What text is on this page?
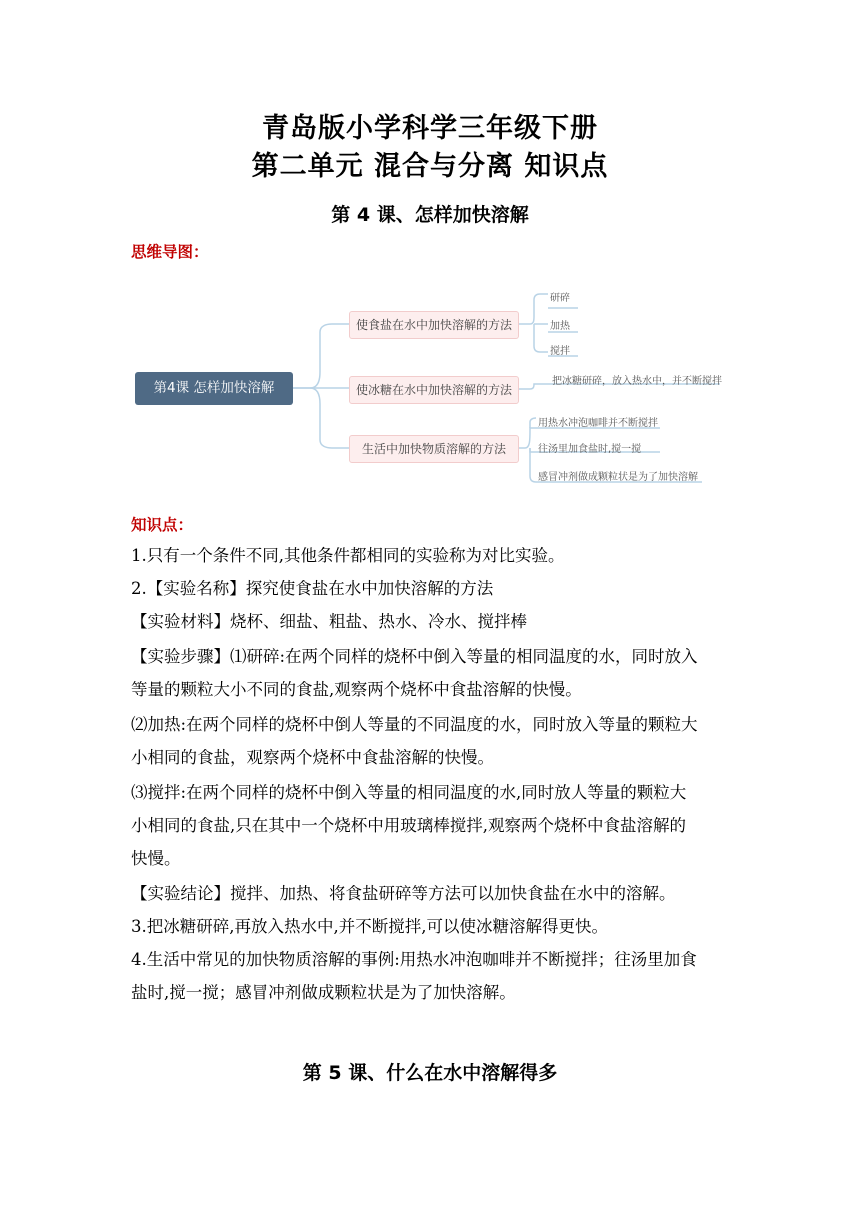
青岛版小学科学三年级下册
第二单元 混合与分离 知识点
第 4 课、怎样加快溶解
思维导图：
第4课 怎样加快溶解
使食盐在水中加快溶解的方法
使冰糖在水中加快溶解的方法
生活中加快物质溶解的方法
研碎
加热
搅拌
把冰糖研碎，放入热水中，并不断搅拌
用热水冲泡咖啡并不断搅拌
往汤里加食盐时,搅一搅
感冒冲剂做成颗粒状是为了加快溶解
知识点：
1.只有一个条件不同,其他条件都相同的实验称为对比实验。
2.【实验名称】探究使食盐在水中加快溶解的方法
【实验材料】烧杯、细盐、粗盐、热水、冷水、搅拌棒
【实验步骤】⑴研碎:在两个同样的烧杯中倒入等量的相同温度的水，同时放入
等量的颗粒大小不同的食盐,观察两个烧杯中食盐溶解的快慢。
⑵加热:在两个同样的烧杯中倒人等量的不同温度的水，同时放入等量的颗粒大
小相同的食盐，观察两个烧杯中食盐溶解的快慢。
⑶搅拌:在两个同样的烧杯中倒入等量的相同温度的水,同时放人等量的颗粒大
小相同的食盐,只在其中一个烧杯中用玻璃棒搅拌,观察两个烧杯中食盐溶解的
快慢。
【实验结论】搅拌、加热、将食盐研碎等方法可以加快食盐在水中的溶解。
3.把冰糖研碎,再放入热水中,并不断搅拌,可以使冰糖溶解得更快。
4.生活中常见的加快物质溶解的事例:用热水冲泡咖啡并不断搅拌；往汤里加食
盐时,搅一搅；感冒冲剂做成颗粒状是为了加快溶解。
第 5 课、什么在水中溶解得多
